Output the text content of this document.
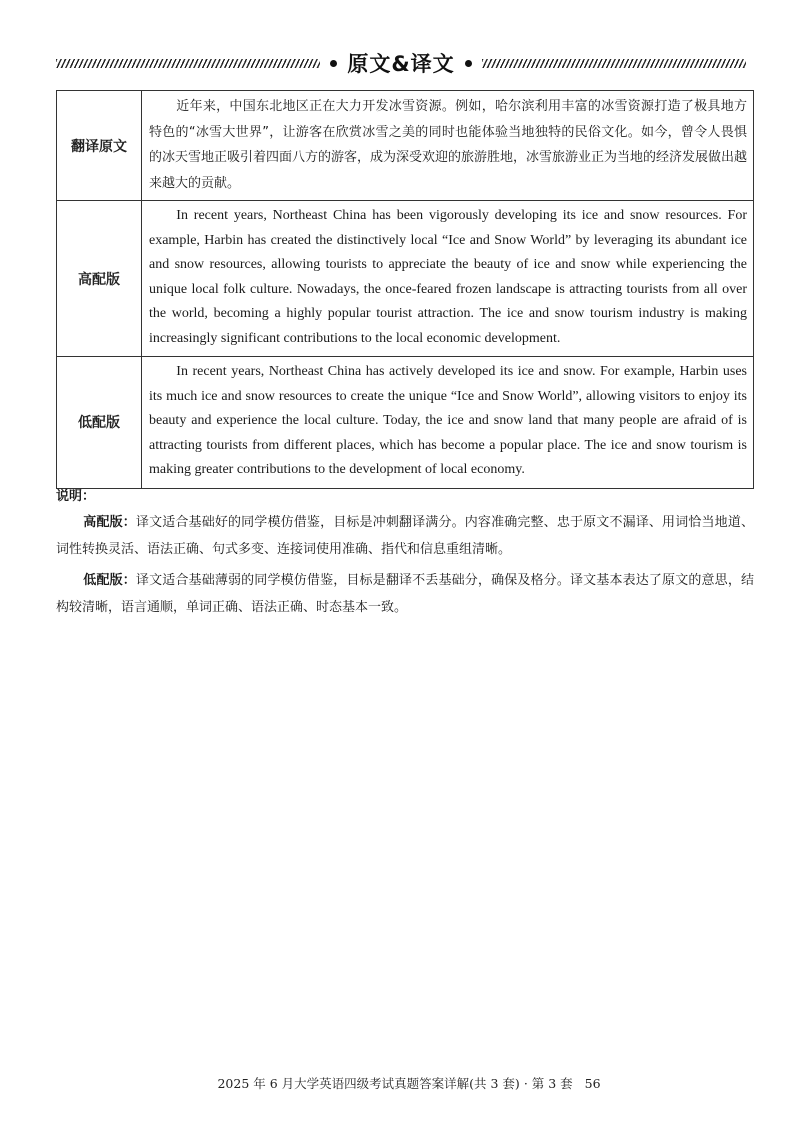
原文&译文
翻译原文	近年来，中国东北地区正在大力开发冰雪资源。例如，哈尔滨利用丰富的冰雪资源打造了极具地方特色的“冰雪大世界”，让游客在欣赏冰雪之美的同时也能体验当地独特的民俗文化。如今，曾令人畏惧的冰天雪地正吸引着四面八方的游客，成为深受欢迎的旅游胜地，冰雪旅游业正为当地的经济发展做出越来越大的贡献。

高配版	In recent years, Northeast China has been vigorously developing its ice and snow resources. For example, Harbin has created the distinctively local “Ice and Snow World” by leveraging its abundant ice and snow resources, allowing tourists to appreciate the beauty of ice and snow while experiencing the unique local folk culture. Nowadays, the once-feared frozen landscape is attracting tourists from all over the world, becoming a highly popular tourist attraction. The ice and snow tourism industry is making increasingly significant contributions to the local economic development.

低配版	In recent years, Northeast China has actively developed its ice and snow. For example, Harbin uses its much ice and snow resources to create the unique “Ice and Snow World”, allowing visitors to enjoy its beauty and experience the local culture. Today, the ice and snow land that many people are afraid of is attracting tourists from different places, which has become a popular place. The ice and snow tourism is making greater contributions to the development of local economy.

说明：

高配版：译文适合基础好的同学模仿借鉴，目标是冲刺翻译满分。内容准确完整、忠于原文不漏译、用词恰当地道、词性转换灵活、语法正确、句式多变、连接词使用准确、指代和信息重组清晰。

低配版：译文适合基础薄弱的同学模仿借鉴，目标是翻译不丢基础分，确保及格分。译文基本表达了原文的意思，结构较清晰，语言通顺，单词正确、语法正确、时态基本一致。

2025 年 6 月大学英语四级考试真题答案详解(共 3 套) · 第 3 套 56
